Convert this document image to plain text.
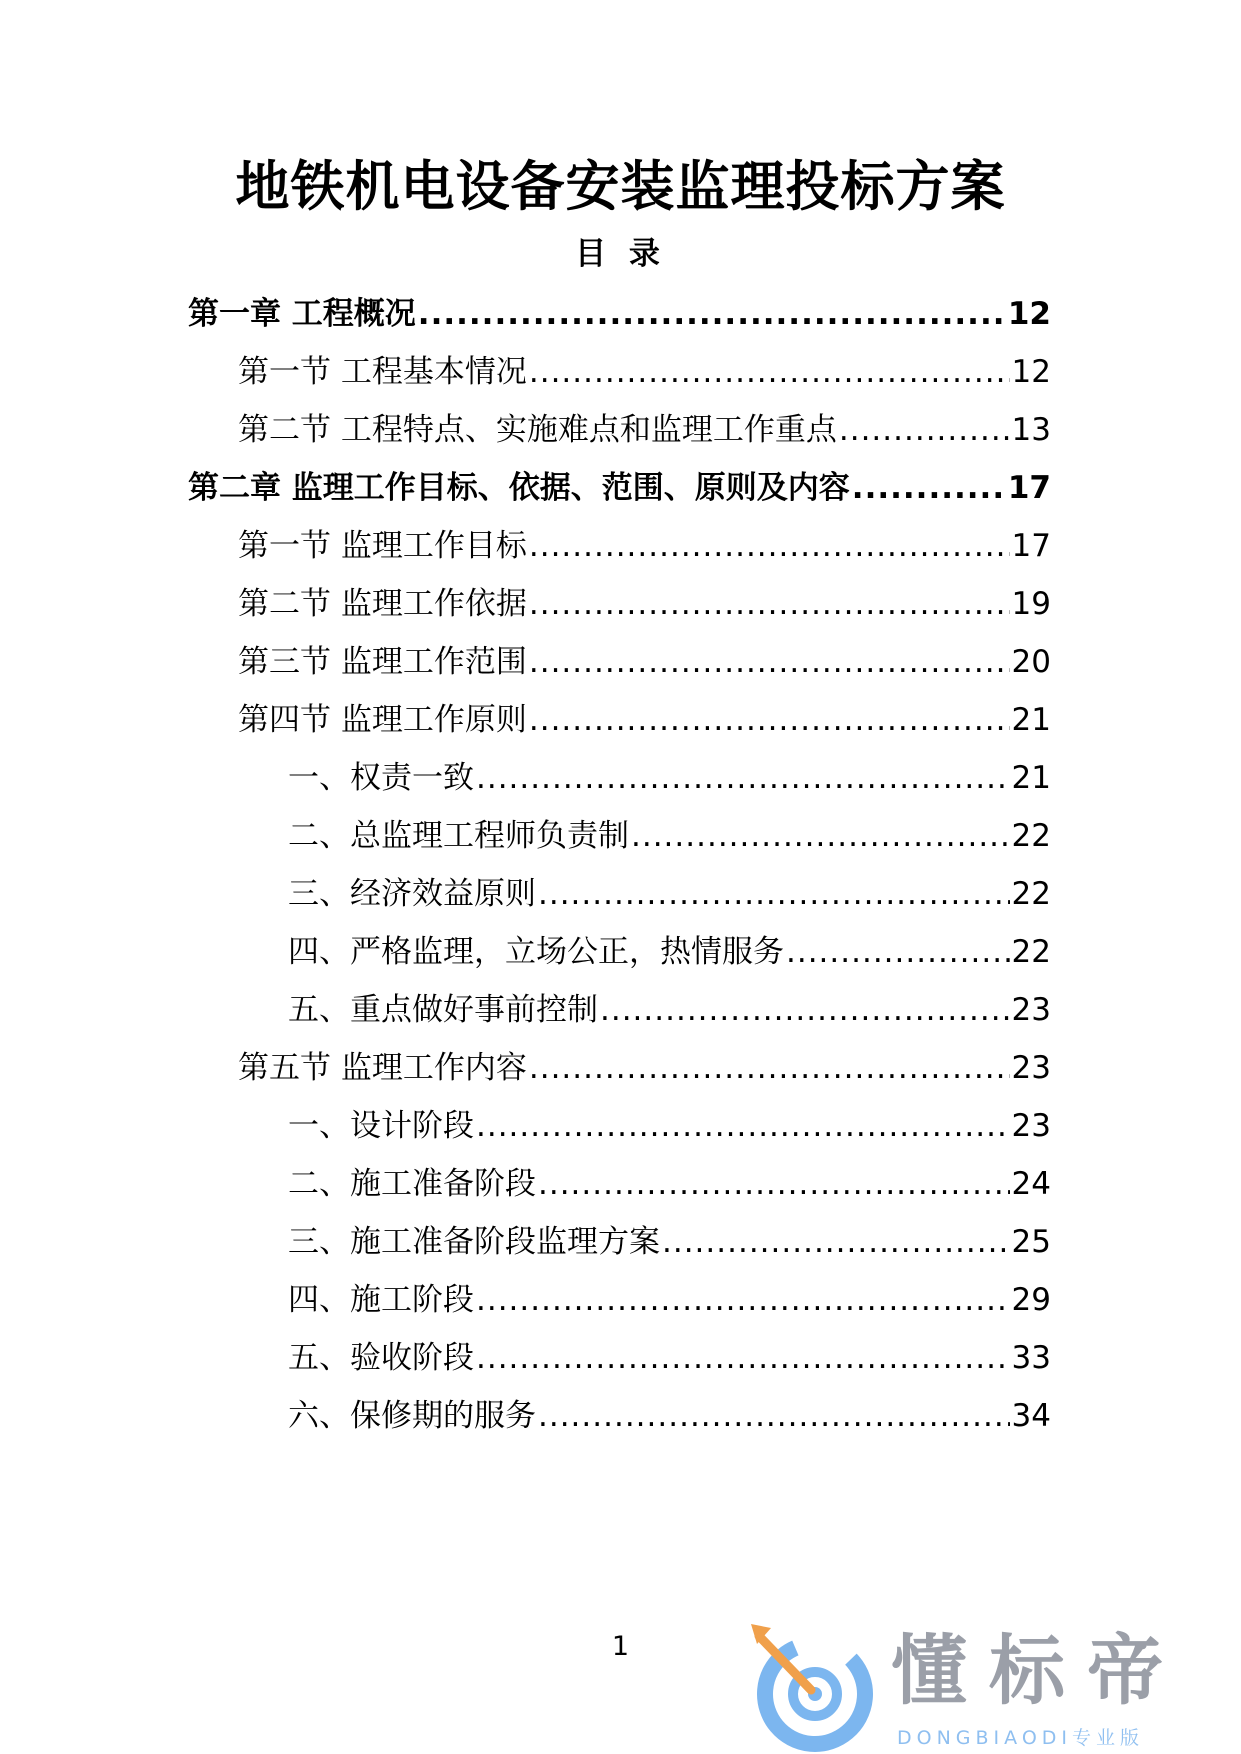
地铁机电设备安装监理投标方案
目 录
第一章 工程概况 .....	12
第一节 工程基本情况 .....	12
第二节 工程特点、实施难点和监理工作重点 .....	13
第二章 监理工作目标、依据、范围、原则及内容 .....	17
第一节 监理工作目标 .....	17
第二节 监理工作依据 .....	19
第三节 监理工作范围 .....	20
第四节 监理工作原则 .....	21
一、权责一致 .....	21
二、总监理工程师负责制 .....	22
三、经济效益原则 .....	22
四、严格监理，立场公正，热情服务 .....	22
五、重点做好事前控制 .....	23
第五节 监理工作内容 .....	23
一、设计阶段 .....	23
二、施工准备阶段 .....	24
三、施工准备阶段监理方案 .....	25
四、施工阶段 .....	29
五、验收阶段 .....	33
六、保修期的服务 .....	34
1	懂标帝
DONGBIAODI专业版
